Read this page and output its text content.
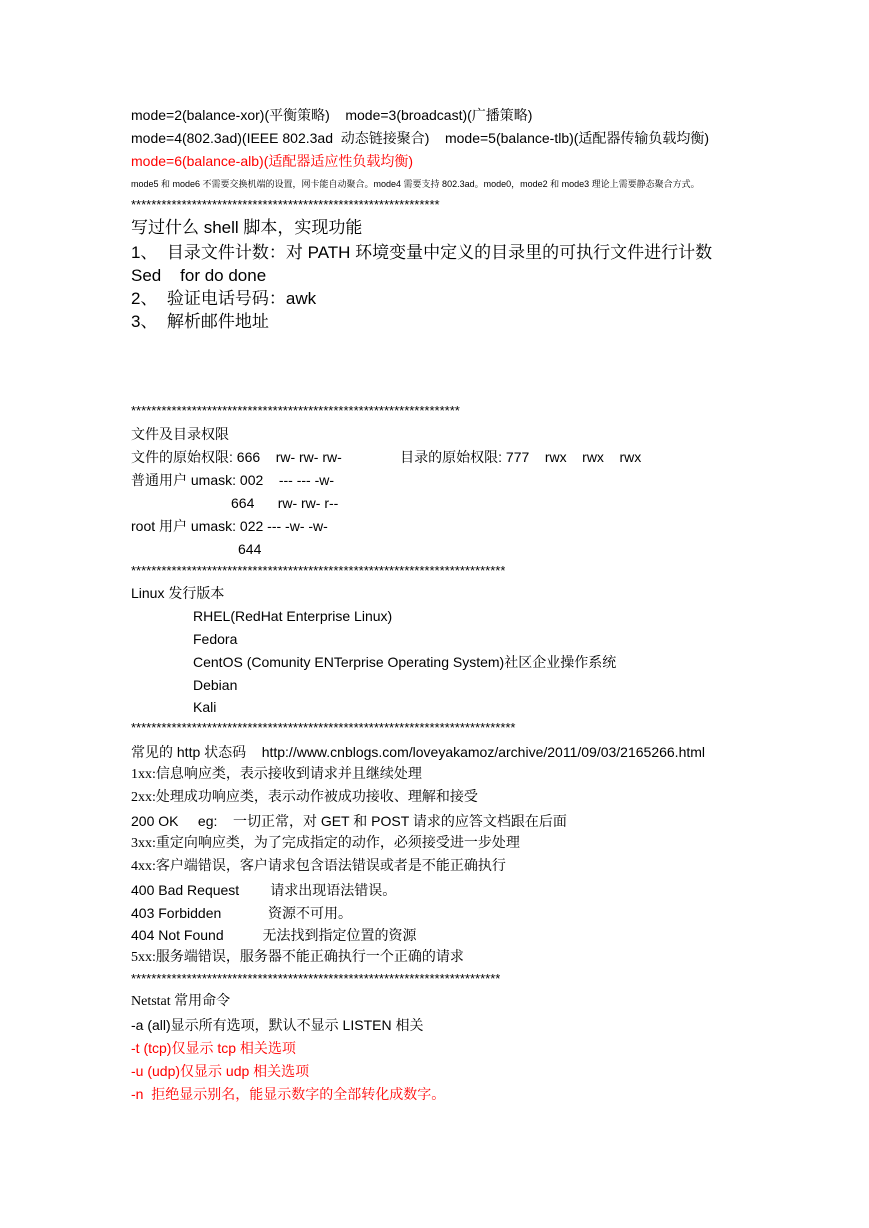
mode=2(balance-xor)(平衡策略)    mode=3(broadcast)(广播策略)
mode=4(802.3ad)(IEEE 802.3ad  动态链接聚合)    mode=5(balance-tlb)(适配器传输负载均衡)
mode=6(balance-alb)(适配器适应性负载均衡)
mode5 和 mode6 不需要交换机端的设置，网卡能自动聚合。mode4 需要支持 802.3ad。mode0，mode2 和 mode3 理论上需要静态聚合方式。
*************************************************************
写过什么 shell 脚本，实现功能
1、  目录文件计数：对 PATH 环境变量中定义的目录里的可执行文件进行计数
Sed    for do done
2、  验证电话号码：awk
3、  解析邮件地址
*****************************************************************
文件及目录权限
文件的原始权限: 666    rw- rw- rw-               目录的原始权限: 777    rwx    rwx    rwx
普通用户 umask: 002    --- --- -w-
664      rw- rw- r--
root 用户 umask: 022 --- -w- -w-
644
**************************************************************************
Linux 发行版本
RHEL(RedHat Enterprise Linux)
Fedora
CentOS (Comunity ENTerprise Operating System)社区企业操作系统
Debian
Kali
****************************************************************************
常见的 http 状态码    http://www.cnblogs.com/loveyakamoz/archive/2011/09/03/2165266.html
1xx:信息响应类，表示接收到请求并且继续处理
2xx:处理成功响应类，表示动作被成功接收、理解和接受
200 OK     eg:    一切正常，对 GET 和 POST 请求的应答文档跟在后面
3xx:重定向响应类，为了完成指定的动作，必须接受进一步处理
4xx:客户端错误，客户请求包含语法错误或者是不能正确执行
400 Bad Request        请求出现语法错误。
403 Forbidden            资源不可用。
404 Not Found          无法找到指定位置的资源
5xx:服务端错误，服务器不能正确执行一个正确的请求
*************************************************************************
Netstat 常用命令
-a (all)显示所有选项，默认不显示 LISTEN 相关
-t (tcp)仅显示 tcp 相关选项
-u (udp)仅显示 udp 相关选项
-n  拒绝显示别名，能显示数字的全部转化成数字。
